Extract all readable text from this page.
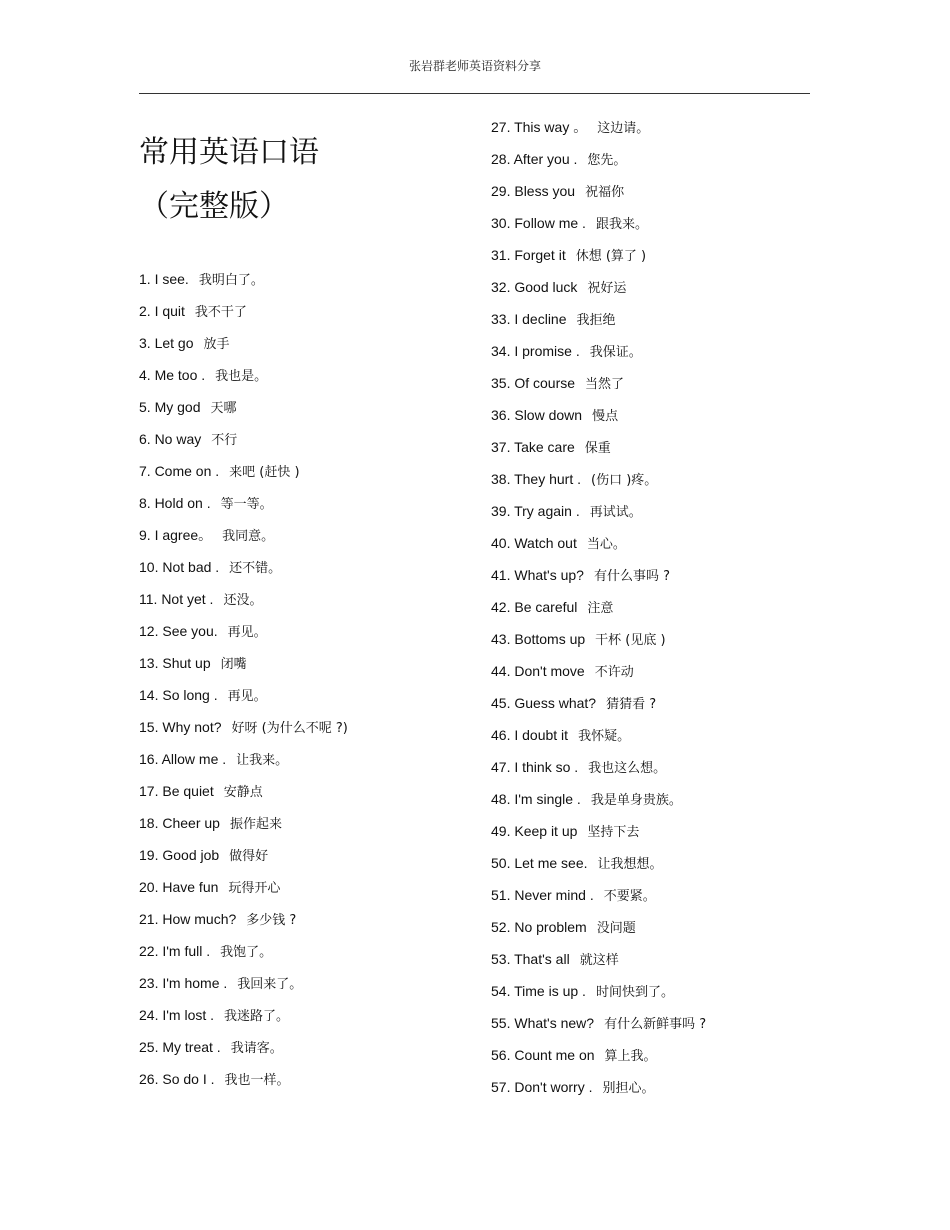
张岩群老师英语资料分享
常用英语口语
（完整版）
1. I see. 我明白了。
2. I quit 我不干了
3. Let go 放手
4. Me too . 我也是。
5. My god 天哪
6. No way 不行
7. Come on . 来吧 (赶快 )
8. Hold on . 等一等。
9. I agree。 我同意。
10. Not bad . 还不错。
11. Not yet . 还没。
12. See you. 再见。
13. Shut up 闭嘴
14. So long . 再见。
15. Why not? 好呀 (为什么不呢 ?)
16. Allow me . 让我来。
17. Be quiet 安静点
18. Cheer up 振作起来
19. Good job 做得好
20. Have fun 玩得开心
21. How much? 多少钱 ?
22. I'm full . 我饱了。
23. I'm home . 我回来了。
24. I'm lost . 我迷路了。
25. My treat . 我请客。
26. So do I . 我也一样。
27. This way 。 这边请。
28. After you . 您先。
29. Bless you 祝福你
30. Follow me . 跟我来。
31. Forget it 休想 (算了 )
32. Good luck 祝好运
33. I decline 我拒绝
34. I promise . 我保证。
35. Of course 当然了
36. Slow down 慢点
37. Take care 保重
38. They hurt . (伤口 )疼。
39. Try again . 再试试。
40. Watch out 当心。
41. What's up? 有什么事吗 ?
42. Be careful 注意
43. Bottoms up 干杯 (见底 )
44. Don't move 不许动
45. Guess what? 猜猜看 ?
46. I doubt it 我怀疑。
47. I think so . 我也这么想。
48. I'm single . 我是单身贵族。
49. Keep it up 坚持下去
50. Let me see. 让我想想。
51. Never mind . 不要紧。
52. No problem 没问题
53. That's all 就这样
54. Time is up . 时间快到了。
55. What's new? 有什么新鲜事吗 ?
56. Count me on 算上我。
57. Don't worry . 别担心。
